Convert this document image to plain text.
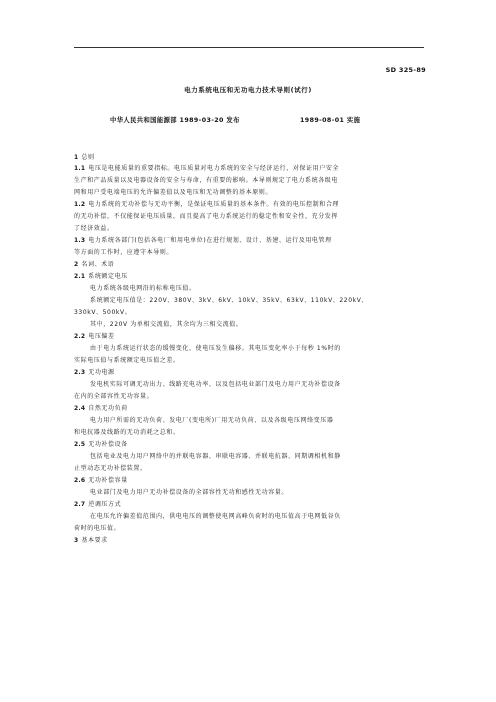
SD 325-89
电力系统电压和无功电力技术导则(试行)
中华人民共和国能源部 1989-03-20 发布	1989-08-01 实施
1 总则
1.1 电压是电能质量的重要指标。电压质量对电力系统的安全与经济运行，对保证用户安全
生产和产品质量以及电器设备的安全与寿命，有重要的影响。本导则规定了电力系统各级电
网和用户受电端电压的允许偏差值以及电压和无功调整的基本原则。
1.2 电力系统的无功补偿与无功平衡，是保证电压质量的基本条件。有效的电压控制和合理
的无功补偿，不仅能保证电压质量，而且提高了电力系统运行的稳定性和安全性，充分发挥
了经济效益。
1.3 电力系统各部门(包括各电厂和用电单位)在进行规划、设计、基建、运行及用电管理
等方面的工作时，应遵守本导则。
2 名词、术语
2.1 系统额定电压
电力系统各级电网沿的标称电压值。
系统额定电压值是：220V、380V、3kV、6kV、10kV、35kV、63kV、110kV、220kV、
330kV、500kV。
其中，220V 为单相交流值，其余均为三相交流值。
2.2 电压偏差
由于电力系统运行状态的缓慢变化，使电压发生偏移。其电压变化率小于每秒 1%时的
实际电压值与系统额定电压值之差。
2.3 无功电源
发电机实际可调无功出力、线路充电功率、以及包括电业部门及电力用户无功补偿设备
在内的全部容性无功容量。
2.4 自然无功负荷
电力用户所需的无功负荷、发电厂(变电所)厂用无功负荷、以及各级电压网络变压器
和电抗器及线路的无功消耗之总和。
2.5 无功补偿设备
包括电业及电力用户网络中的并联电容器、串联电容器、并联电抗器、同期调相机和静
止型动态无功补偿装置。
2.6 无功补偿容量
电业部门及电力用户无功补偿设备的全部容性无功和感性无功容量。
2.7 逆调压方式
在电压允许偏差值范围内，供电电压的调整使电网高峰负荷时的电压值高于电网低谷负
荷时的电压值。
3 基本要求
